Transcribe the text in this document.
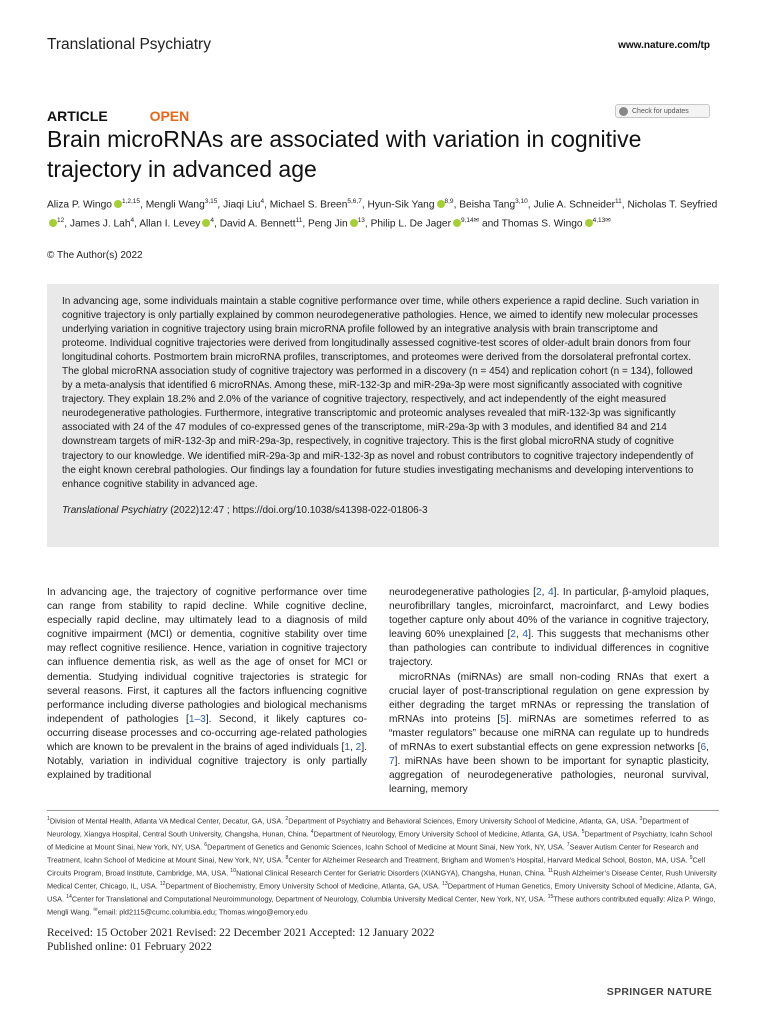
Translational Psychiatry	www.nature.com/tp
ARTICLE	OPEN	Check for updates
Brain microRNAs are associated with variation in cognitive trajectory in advanced age
Aliza P. Wingo $^{1,2,15}$, Mengli Wang$^{3,15}$, Jiaqi Liu$^4$, Michael S. Breen$^{5,6,7}$, Hyun-Sik Yang $^{8,9}$, Beisha Tang$^{3,10}$, Julie A. Schneider$^{11}$, Nicholas T. Seyfried$^{12}$, James J. Lah$^4$, Allan I. Levey $^4$, David A. Bennett$^{11}$, Peng Jin $^{13}$, Philip L. De Jager $^{9,14✉}$ and Thomas S. Wingo $^{4,13✉}$
© The Author(s) 2022

In advancing age, some individuals maintain a stable cognitive performance over time, while others experience a rapid decline. Such variation in cognitive trajectory is only partially explained by common neurodegenerative pathologies. Hence, we aimed to identify new molecular processes underlying variation in cognitive trajectory using brain microRNA profile followed by an integrative analysis with brain transcriptome and proteome. Individual cognitive trajectories were derived from longitudinally assessed cognitive-test scores of older-adult brain donors from four longitudinal cohorts. Postmortem brain microRNA profiles, transcriptomes, and proteomes were derived from the dorsolateral prefrontal cortex. The global microRNA association study of cognitive trajectory was performed in a discovery (n = 454) and replication cohort (n = 134), followed by a meta-analysis that identified 6 microRNAs. Among these, miR-132-3p and miR-29a-3p were most significantly associated with cognitive trajectory. They explain 18.2% and 2.0% of the variance of cognitive trajectory, respectively, and act independently of the eight measured neurodegenerative pathologies. Furthermore, integrative transcriptomic and proteomic analyses revealed that miR-132-3p was significantly associated with 24 of the 47 modules of co-expressed genes of the transcriptome, miR-29a-3p with 3 modules, and identified 84 and 214 downstream targets of miR-132-3p and miR-29a-3p, respectively, in cognitive trajectory. This is the first global microRNA study of cognitive trajectory to our knowledge. We identified miR-29a-3p and miR-132-3p as novel and robust contributors to cognitive trajectory independently of the eight known cerebral pathologies. Our findings lay a foundation for future studies investigating mechanisms and developing interventions to enhance cognitive stability in advanced age.

Translational Psychiatry (2022)12:47 ; https://doi.org/10.1038/s41398-022-01806-3

In advancing age, the trajectory of cognitive performance over time can range from stability to rapid decline. While cognitive decline, especially rapid decline, may ultimately lead to a diagnosis of mild cognitive impairment (MCI) or dementia, cognitive stability over time may reflect cognitive resilience. Hence, variation in cognitive trajectory can influence dementia risk, as well as the age of onset for MCI or dementia. Studying individual cognitive trajectories is strategic for several reasons. First, it captures all the factors influencing cognitive performance including diverse pathologies and biological mechanisms independent of pathologies [1–3]. Second, it likely captures co-occurring disease processes and co-occurring age-related pathologies which are known to be prevalent in the brains of aged individuals [1, 2]. Notably, variation in individual cognitive trajectory is only partially explained by traditional

neurodegenerative pathologies [2, 4]. In particular, β-amyloid plaques, neurofibrillary tangles, microinfarct, macroinfarct, and Lewy bodies together capture only about 40% of the variance in cognitive trajectory, leaving 60% unexplained [2, 4]. This suggests that mechanisms other than pathologies can contribute to individual differences in cognitive trajectory.

microRNAs (miRNAs) are small non-coding RNAs that exert a crucial layer of post-transcriptional regulation on gene expression by either degrading the target mRNAs or repressing the translation of mRNAs into proteins [5]. miRNAs are sometimes referred to as “master regulators” because one miRNA can regulate up to hundreds of mRNAs to exert substantial effects on gene expression networks [6, 7]. miRNAs have been shown to be important for synaptic plasticity, aggregation of neurodegenerative pathologies, neuronal survival, learning, memory

$^1$Division of Mental Health, Atlanta VA Medical Center, Decatur, GA, USA. $^2$Department of Psychiatry and Behavioral Sciences, Emory University School of Medicine, Atlanta, GA, USA. $^3$Department of Neurology, Xiangya Hospital, Central South University, Changsha, Hunan, China. $^4$Department of Neurology, Emory University School of Medicine, Atlanta, GA, USA. $^5$Department of Psychiatry, Icahn School of Medicine at Mount Sinai, New York, NY, USA. $^6$Department of Genetics and Genomic Sciences, Icahn School of Medicine at Mount Sinai, New York, NY, USA. $^7$Seaver Autism Center for Research and Treatment, Icahn School of Medicine at Mount Sinai, New York, NY, USA. $^8$Center for Alzheimer Research and Treatment, Brigham and Women’s Hospital, Harvard Medical School, Boston, MA, USA. $^9$Cell Circuits Program, Broad Institute, Cambridge, MA, USA. $^{10}$National Clinical Research Center for Geriatric Disorders (XIANGYA), Changsha, Hunan, China. $^{11}$Rush Alzheimer’s Disease Center, Rush University Medical Center, Chicago, IL, USA. $^{12}$Department of Biochemistry, Emory University School of Medicine, Atlanta, GA, USA. $^{13}$Department of Human Genetics, Emory University School of Medicine, Atlanta, GA, USA. $^{14}$Center for Translational and Computational Neuroimmunology, Department of Neurology, Columbia University Medical Center, New York, NY, USA. $^{15}$These authors contributed equally: Aliza P. Wingo, Mengli Wang. ✉email: pld2115@cumc.columbia.edu; Thomas.wingo@emory.edu
Received: 15 October 2021 Revised: 22 December 2021 Accepted: 12 January 2022
Published online: 01 February 2022
SPRINGER NATURE
